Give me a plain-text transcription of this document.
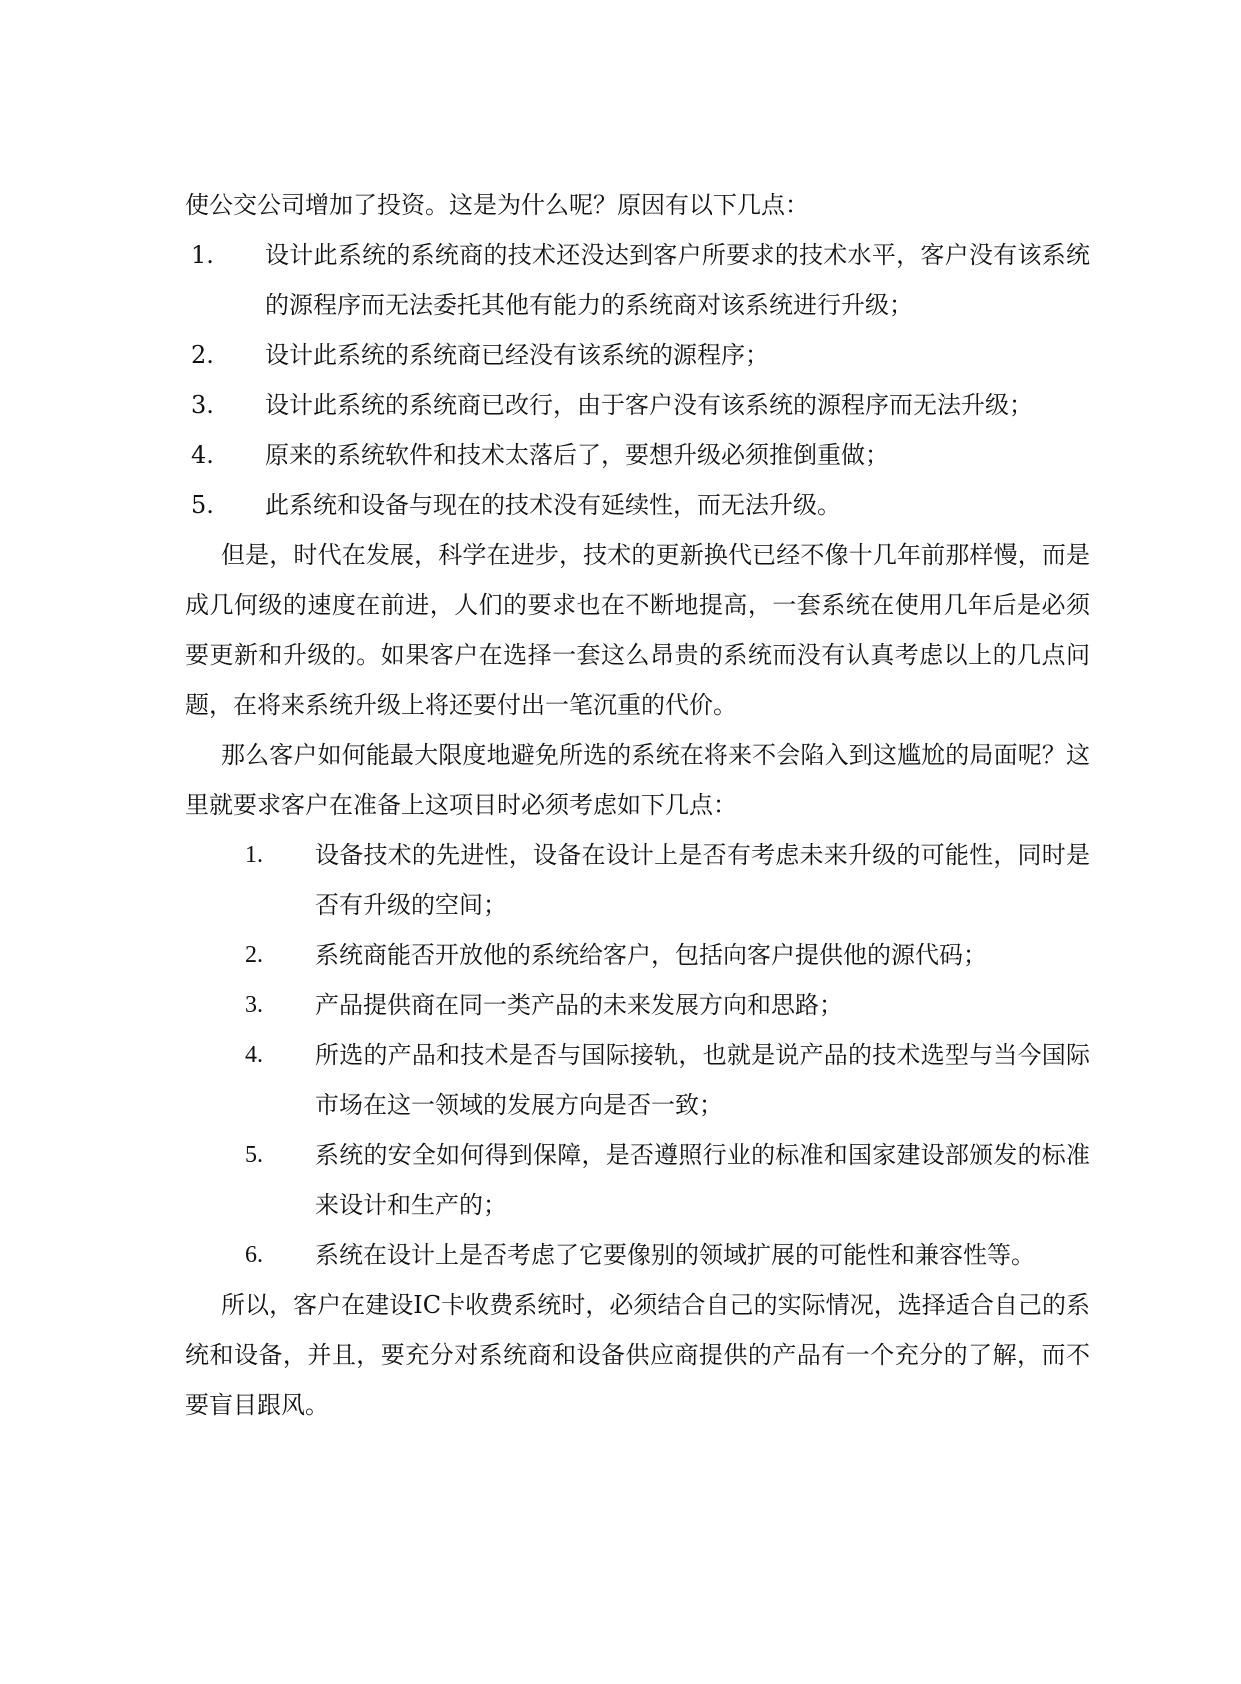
使公交公司增加了投资。这是为什么呢？原因有以下几点：

1.	设计此系统的系统商的技术还没达到客户所要求的技术水平，客户没有该系统的源程序而无法委托其他有能力的系统商对该系统进行升级；

2.	设计此系统的系统商已经没有该系统的源程序；

3.	设计此系统的系统商已改行，由于客户没有该系统的源程序而无法升级；

4.	原来的系统软件和技术太落后了，要想升级必须推倒重做；

5.	此系统和设备与现在的技术没有延续性，而无法升级。

但是，时代在发展，科学在进步，技术的更新换代已经不像十几年前那样慢，而是成几何级的速度在前进，人们的要求也在不断地提高，一套系统在使用几年后是必须要更新和升级的。如果客户在选择一套这么昂贵的系统而没有认真考虑以上的几点问题，在将来系统升级上将还要付出一笔沉重的代价。

那么客户如何能最大限度地避免所选的系统在将来不会陷入到这尴尬的局面呢？这里就要求客户在准备上这项目时必须考虑如下几点：

1.	设备技术的先进性，设备在设计上是否有考虑未来升级的可能性，同时是否有升级的空间；

2.	系统商能否开放他的系统给客户，包括向客户提供他的源代码；

3.	产品提供商在同一类产品的未来发展方向和思路；

4.	所选的产品和技术是否与国际接轨，也就是说产品的技术选型与当今国际市场在这一领域的发展方向是否一致；

5.	系统的安全如何得到保障，是否遵照行业的标准和国家建设部颁发的标准来设计和生产的；

6.	系统在设计上是否考虑了它要像别的领域扩展的可能性和兼容性等。

所以，客户在建设IC卡收费系统时，必须结合自己的实际情况，选择适合自己的系统和设备，并且，要充分对系统商和设备供应商提供的产品有一个充分的了解，而不要盲目跟风。
